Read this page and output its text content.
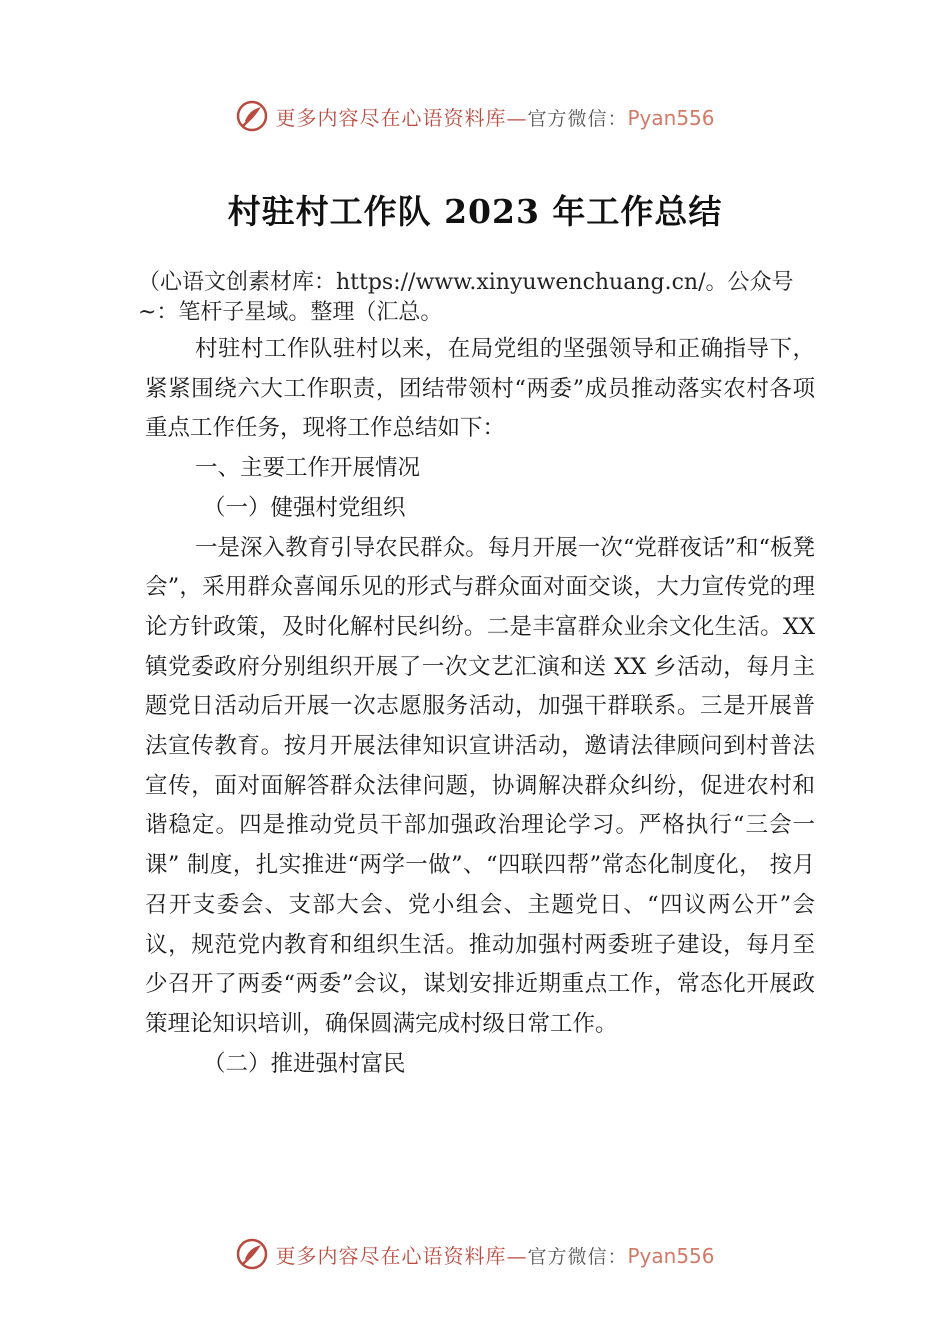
更多内容尽在心语资料库—官方微信：Pyan556
村驻村工作队 2023 年工作总结
（心语文创素材库：https://www.xinyuwenchuang.cn/。公众号~：笔杆子星域。整理（汇总。

村驻村工作队驻村以来，在局党组的坚强领导和正确指导下，紧紧围绕六大工作职责，团结带领村“两委”成员推动落实农村各项重点工作任务，现将工作总结如下：

一、主要工作开展情况

（一）健强村党组织

一是深入教育引导农民群众。每月开展一次“党群夜话”和“板凳会”，采用群众喜闻乐见的形式与群众面对面交谈，大力宣传党的理论方针政策，及时化解村民纠纷。二是丰富群众业余文化生活。XX 镇党委政府分别组织开展了一次文艺汇演和送 XX 乡活动，每月主题党日活动后开展一次志愿服务活动，加强干群联系。三是开展普法宣传教育。按月开展法律知识宣讲活动，邀请法律顾问到村普法宣传，面对面解答群众法律问题，协调解决群众纠纷，促进农村和谐稳定。四是推动党员干部加强政治理论学习。严格执行“三会一课” 制度，扎实推进“两学一做”、“四联四帮”常态化制度化， 按月召开支委会、支部大会、党小组会、主题党日、“四议两公开”会议，规范党内教育和组织生活。推动加强村两委班子建设，每月至少召开了两委“两委”会议，谋划安排近期重点工作，常态化开展政策理论知识培训，确保圆满完成村级日常工作。

（二）推进强村富民

更多内容尽在心语资料库—官方微信：Pyan556
